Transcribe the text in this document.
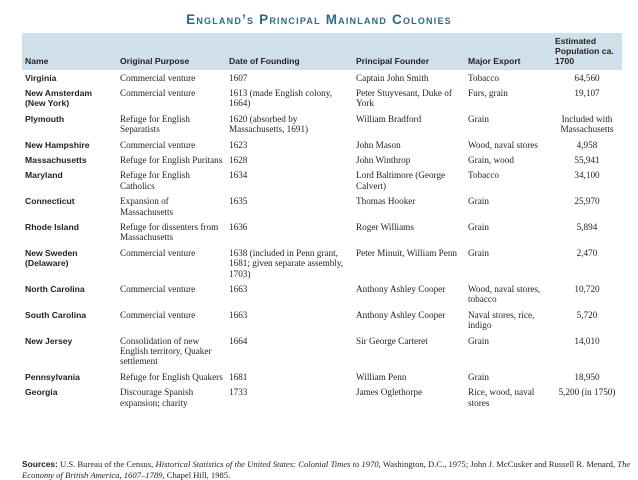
England’s Principal Mainland Colonies
Name	Original Purpose	Date of Founding	Principal Founder	Major Export	Estimated Population ca. 1700
Virginia	Commercial venture	1607	Captain John Smith	Tobacco	64,560
New Amsterdam (New York)	Commercial venture	1613 (made English colony, 1664)	Peter Stuyvesant, Duke of York	Furs, grain	19,107
Plymouth	Refuge for English Separatists	1620 (absorbed by Massachusetts, 1691)	William Bradford	Grain	Included with Massachusetts
New Hampshire	Commercial venture	1623	John Mason	Wood, naval stores	4,958
Massachusetts	Refuge for English Puritans	1628	John Winthrop	Grain, wood	55,941
Maryland	Refuge for English Catholics	1634	Lord Baltimore (George Calvert)	Tobacco	34,100
Connecticut	Expansion of Massachusetts	1635	Thomas Hooker	Grain	25,970
Rhode Island	Refuge for dissenters from Massachusetts	1636	Roger Williams	Grain	5,894
New Sweden (Delaware)	Commercial venture	1638 (included in Penn grant, 1681; given separate assembly, 1703)	Peter Minuit, William Penn	Grain	2,470
North Carolina	Commercial venture	1663	Anthony Ashley Cooper	Wood, naval stores, tobacco	10,720
South Carolina	Commercial venture	1663	Anthony Ashley Cooper	Naval stores, rice, indigo	5,720
New Jersey	Consolidation of new English territory, Quaker settlement	1664	Sir George Carteret	Grain	14,010
Pennsylvania	Refuge for English Quakers	1681	William Penn	Grain	18,950
Georgia	Discourage Spanish expansion; charity	1733	James Oglethorpe	Rice, wood, naval stores	5,200 (in 1750)
Sources: U.S. Bureau of the Census, Historical Statistics of the United States: Colonial Times to 1970, Washington, D.C., 1975; John J. McCusker and Russell R. Menard, The Economy of British America, 1607–1789, Chapel Hill, 1985.
